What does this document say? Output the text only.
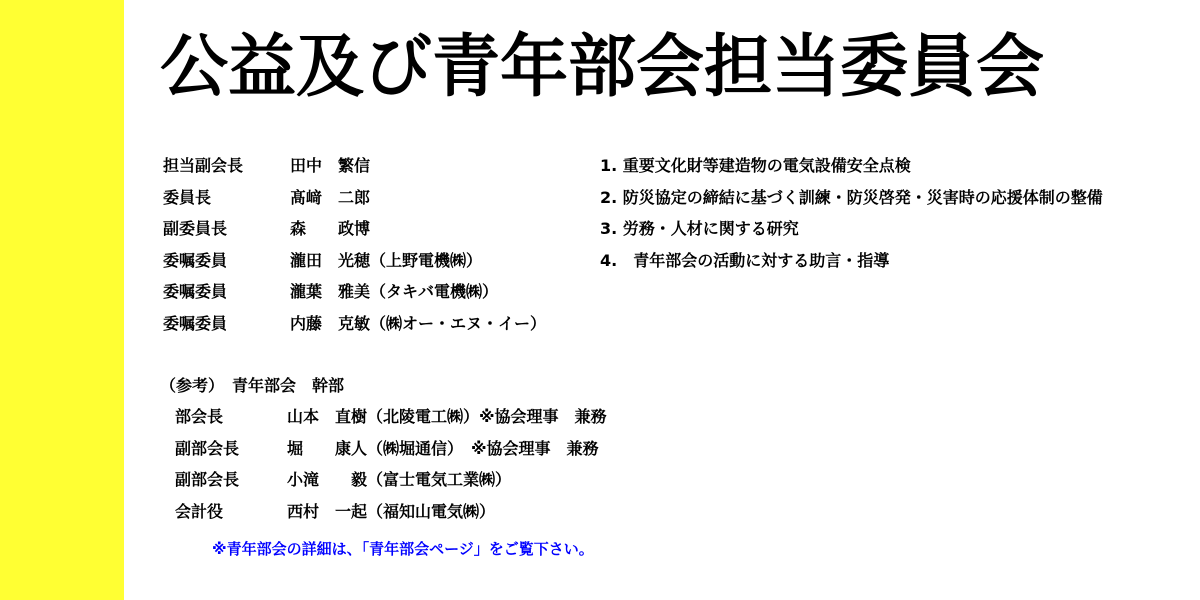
公益及び青年部会担当委員会
担当副会長	田中　繁信
委員長	髙﨑　二郎
副委員長	森　　政博
委嘱委員	瀧田　光穂（上野電機㈱）
委嘱委員	瀧葉　雅美（タキバ電機㈱）
委嘱委員	内藤　克敏（㈱オー・エヌ・イー）
1. 重要文化財等建造物の電気設備安全点検
2. 防災協定の締結に基づく訓練・防災啓発・災害時の応援体制の整備
3. 労務・人材に関する研究
4.　青年部会の活動に対する助言・指導
（参考）　青年部会　幹部
部会長	山本　直樹（北陵電工㈱）※協会理事　兼務
副部会長	堀　　康人（㈱堀通信）　※協会理事　兼務
副部会長	小滝　　毅（富士電気工業㈱）
会計役	西村　一起（福知山電気㈱）
※青年部会の詳細は、「青年部会ページ」をご覧下さい。
